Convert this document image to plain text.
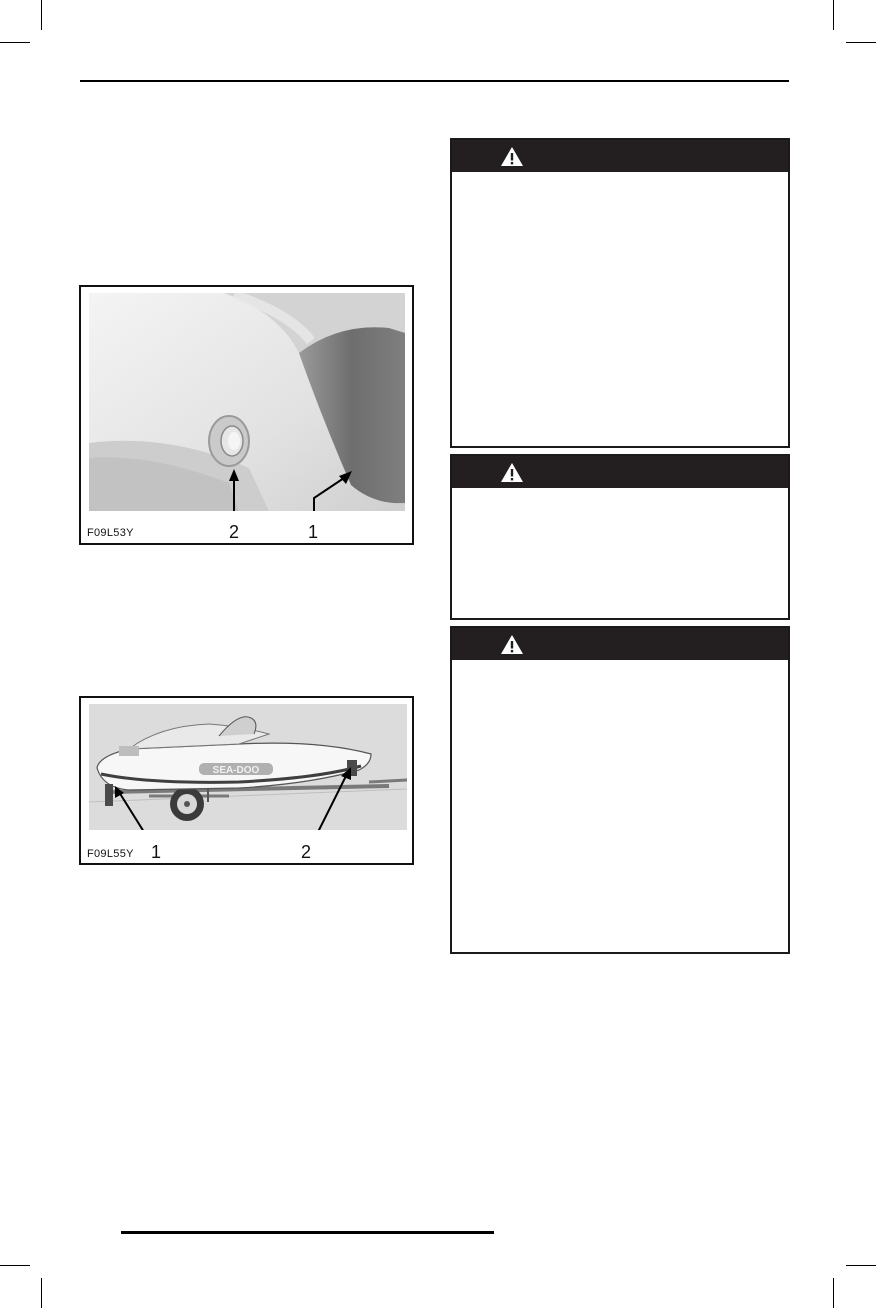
F09L53Y	2	1
SEA-DOO
F09L55Y 1	2
